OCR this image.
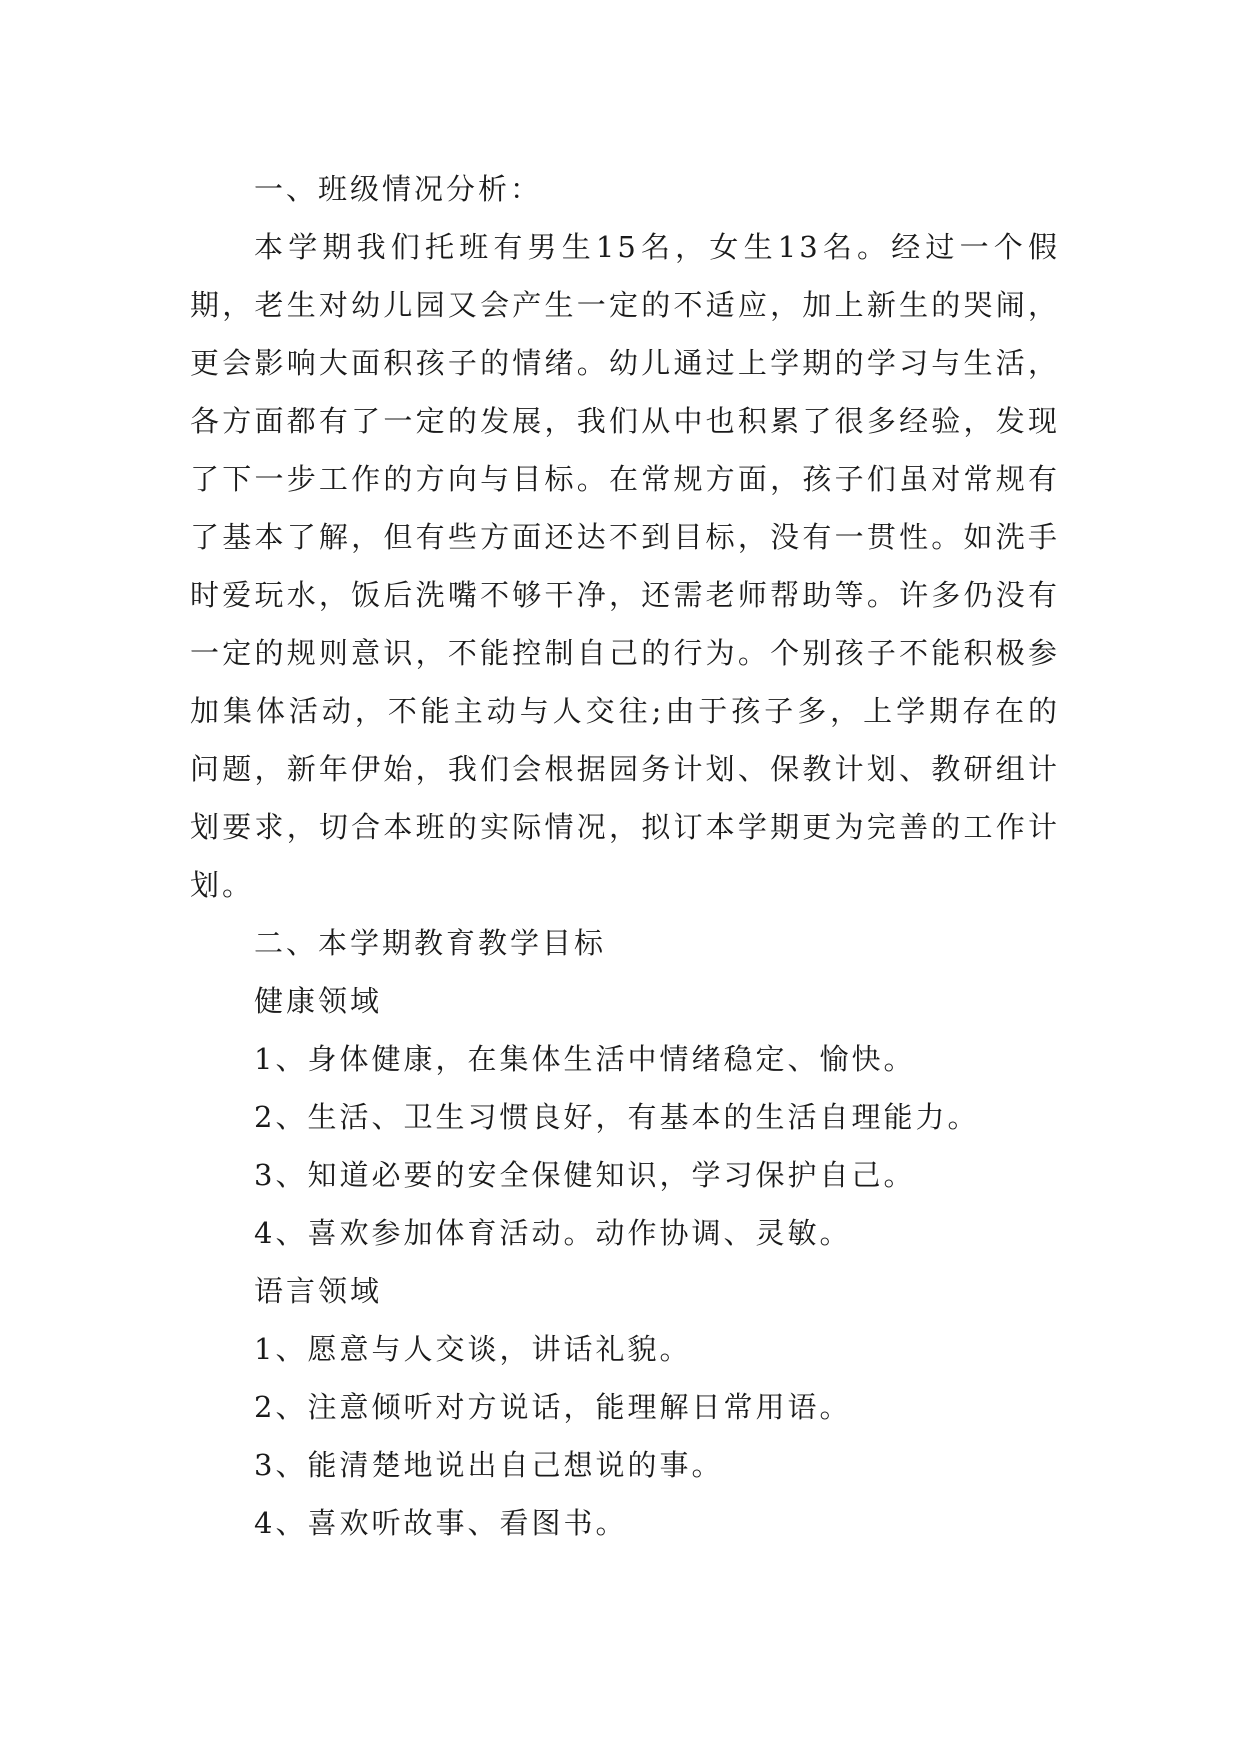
一、班级情况分析：

本学期我们托班有男生15名，女生13名。经过一个假期，老生对幼儿园又会产生一定的不适应，加上新生的哭闹，更会影响大面积孩子的情绪。幼儿通过上学期的学习与生活，各方面都有了一定的发展，我们从中也积累了很多经验，发现了下一步工作的方向与目标。在常规方面，孩子们虽对常规有了基本了解，但有些方面还达不到目标，没有一贯性。如洗手时爱玩水，饭后洗嘴不够干净，还需老师帮助等。许多仍没有一定的规则意识，不能控制自己的行为。个别孩子不能积极参加集体活动，不能主动与人交往;由于孩子多，上学期存在的问题，新年伊始，我们会根据园务计划、保教计划、教研组计划要求，切合本班的实际情况，拟订本学期更为完善的工作计划。

二、本学期教育教学目标

健康领域

1、身体健康，在集体生活中情绪稳定、愉快。

2、生活、卫生习惯良好，有基本的生活自理能力。

3、知道必要的安全保健知识，学习保护自己。

4、喜欢参加体育活动。动作协调、灵敏。

语言领域

1、愿意与人交谈，讲话礼貌。

2、注意倾听对方说话，能理解日常用语。

3、能清楚地说出自己想说的事。

4、喜欢听故事、看图书。
